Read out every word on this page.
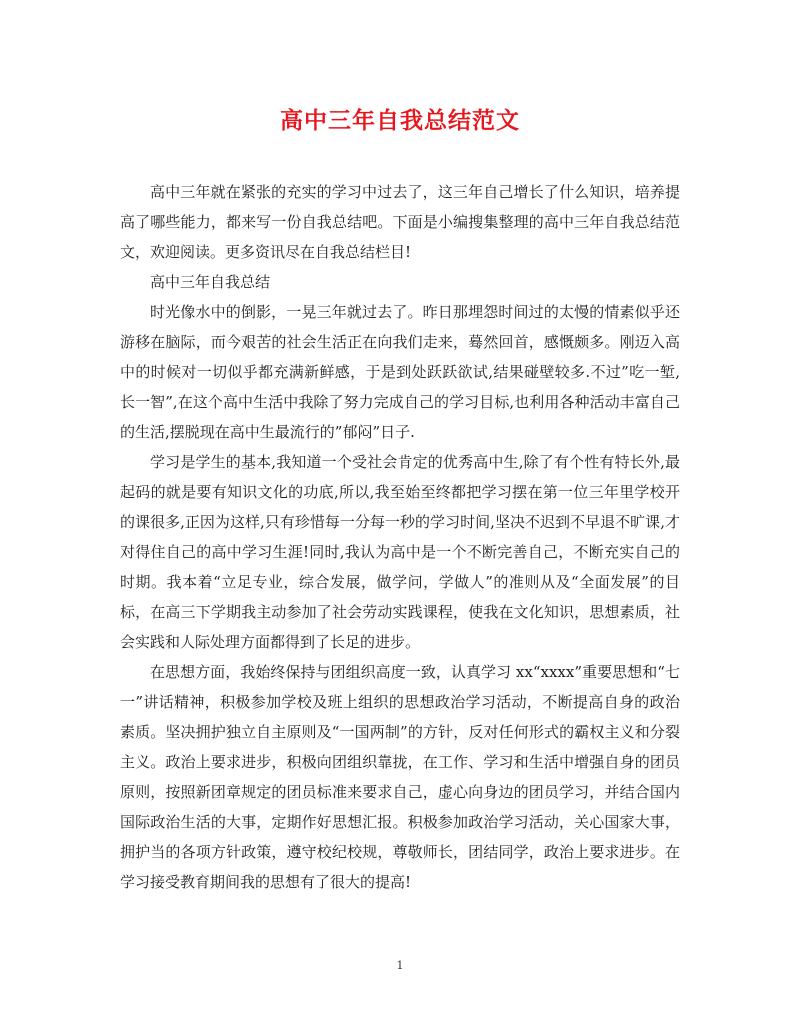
高中三年自我总结范文

高中三年就在紧张的充实的学习中过去了，这三年自己增长了什么知识，培养提高了哪些能力，都来写一份自我总结吧。下面是小编搜集整理的高中三年自我总结范文，欢迎阅读。更多资讯尽在自我总结栏目!

高中三年自我总结

时光像水中的倒影，一晃三年就过去了。昨日那埋怨时间过的太慢的情素似乎还游移在脑际，而今艰苦的社会生活正在向我们走来，蓦然回首，感慨颇多。刚迈入高中的时候对一切似乎都充满新鲜感，于是到处跃跃欲试,结果碰壁较多.不过”吃一堑,长一智”,在这个高中生活中我除了努力完成自己的学习目标,也利用各种活动丰富自己的生活,摆脱现在高中生最流行的”郁闷”日子.

学习是学生的基本,我知道一个受社会肯定的优秀高中生,除了有个性有特长外,最起码的就是要有知识文化的功底,所以,我至始至终都把学习摆在第一位三年里学校开的课很多,正因为这样,只有珍惜每一分每一秒的学习时间,坚决不迟到不早退不旷课,才对得住自己的高中学习生涯!同时,我认为高中是一个不断完善自己，不断充实自己的时期。我本着“立足专业，综合发展，做学问，学做人”的准则从及“全面发展”的目标，在高三下学期我主动参加了社会劳动实践课程，使我在文化知识，思想素质，社会实践和人际处理方面都得到了长足的进步。

在思想方面，我始终保持与团组织高度一致，认真学习 xx“xxxx”重要思想和“七一”讲话精神，积极参加学校及班上组织的思想政治学习活动，不断提高自身的政治素质。坚决拥护独立自主原则及“一国两制”的方针，反对任何形式的霸权主义和分裂主义。政治上要求进步，积极向团组织靠拢，在工作、学习和生活中增强自身的团员原则，按照新团章规定的团员标准来要求自己，虚心向身边的团员学习，并结合国内国际政治生活的大事，定期作好思想汇报。积极参加政治学习活动，关心国家大事，拥护当的各项方针政策，遵守校纪校规，尊敬师长，团结同学，政治上要求进步。在学习接受教育期间我的思想有了很大的提高!

1
